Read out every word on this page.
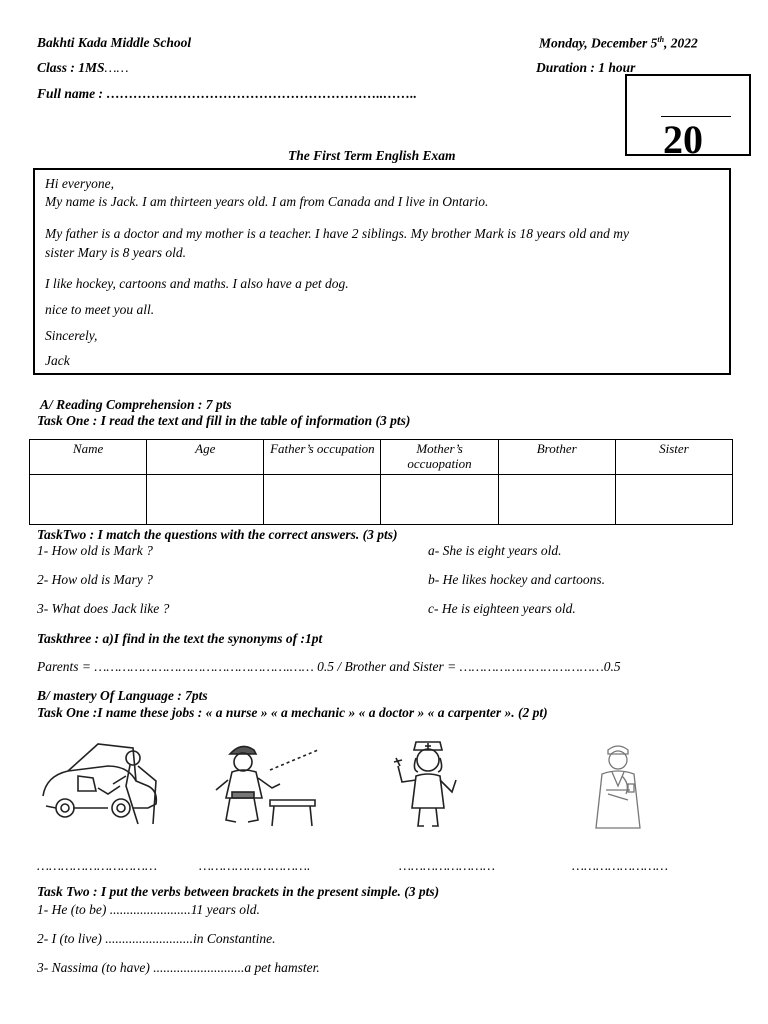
Bakhti Kada Middle School	Monday, December 5th, 2022
Class : 1MS……	Duration : 1 hour
Full name : ……………………………………………………..……..
20
The First Term English Exam
Hi everyone,
My name is Jack. I am thirteen years old. I am from Canada and I live in Ontario.
My father is a doctor and my mother is a teacher. I have 2 siblings. My brother Mark is 18 years old and my
sister Mary is 8 years old.
I like hockey, cartoons and maths. I also have a pet dog.
nice to meet you all.
Sincerely,
Jack
A/ Reading Comprehension : 7 pts
Task One : I read the text and fill in the table of information (3 pts)
Name	Age	Father’s occupation	Mother’s occuopation	Brother	Sister

TaskTwo : I match the questions with the correct answers. (3 pts)
1- How old is Mark ?	a- She is eight years old.
2- How old is Mary ?	b- He likes hockey and cartoons.
3- What does Jack like ?	c- He is eighteen years old.
Taskthree : a)I find in the text the synonyms of :1pt
Parents = ………………………………………….…… 0.5 / Brother and Sister = ………………………………0.5
B/ mastery Of Language : 7pts
Task One :I name these jobs : « a nurse » « a mechanic » « a doctor » « a carpenter ». (2 pt)
…………………………	……………………….	……………………	……………………
Task Two : I put the verbs between brackets in the present simple. (3 pts)
1- He (to be) ........................11 years old.
2- I (to live) ..........................in Constantine.
3- Nassima (to have) ...........................a pet hamster.
